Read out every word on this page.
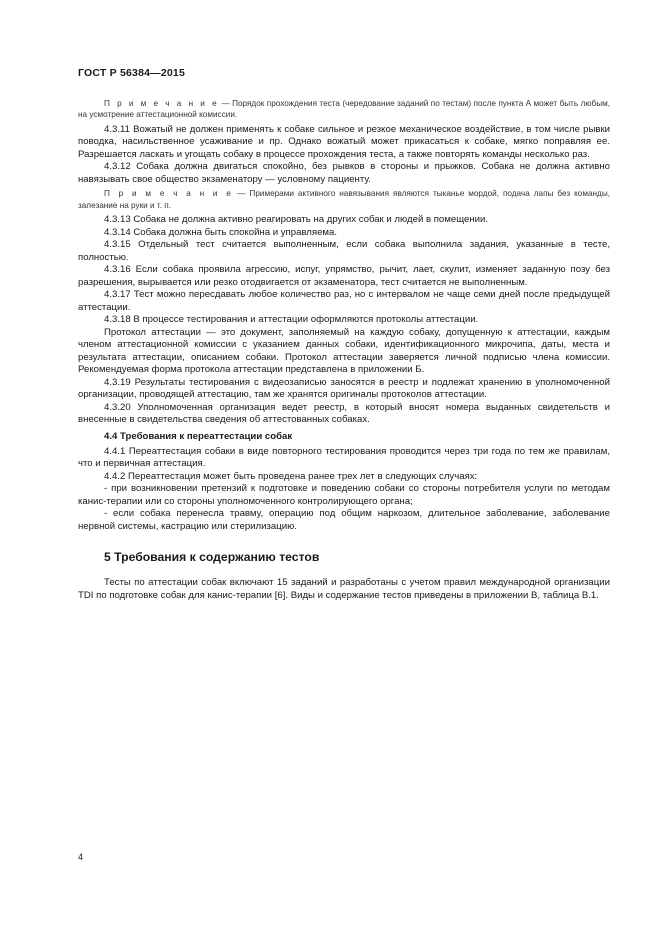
ГОСТ Р 56384—2015

П р и м е ч а н и е — Порядок прохождения теста (чередование заданий по тестам) после пункта А может быть любым, на усмотрение аттестационной комиссии.

4.3.11 Вожатый не должен применять к собаке сильное и резкое механическое воздействие, в том числе рывки поводка, насильственное усаживание и пр. Однако вожатый может прикасаться к собаке, мягко поправляя ее. Разрешается ласкать и угощать собаку в процессе прохождения теста, а также повторять команды несколько раз.

4.3.12 Собака должна двигаться спокойно, без рывков в стороны и прыжков. Собака не должна активно навязывать свое общество экзаменатору — условному пациенту.

П р и м е ч а н и е — Примерами активного навязывания являются тыканье мордой, подача лапы без команды, залезание на руки и т. п.

4.3.13 Собака не должна активно реагировать на других собак и людей в помещении.

4.3.14 Собака должна быть спокойна и управляема.

4.3.15 Отдельный тест считается выполненным, если собака выполнила задания, указанные в тесте, полностью.

4.3.16 Если собака проявила агрессию, испуг, упрямство, рычит, лает, скулит, изменяет заданную позу без разрешения, вырывается или резко отодвигается от экзаменатора, тест считается не выполненным.

4.3.17 Тест можно пересдавать любое количество раз, но с интервалом не чаще семи дней после предыдущей аттестации.

4.3.18 В процессе тестирования и аттестации оформляются протоколы аттестации.

Протокол аттестации — это документ, заполняемый на каждую собаку, допущенную к аттестации, каждым членом аттестационной комиссии с указанием данных собаки, идентификационного микрочипа, даты, места и результата аттестации, описанием собаки. Протокол аттестации заверяется личной подписью члена комиссии. Рекомендуемая форма протокола аттестации представлена в приложении Б.

4.3.19 Результаты тестирования с видеозаписью заносятся в реестр и подлежат хранению в уполномоченной организации, проводящей аттестацию, там же хранятся оригиналы протоколов аттестации.

4.3.20 Уполномоченная организация ведет реестр, в который вносят номера выданных свидетельств и внесенные в свидетельства сведения об аттестованных собаках.

4.4 Требования к переаттестации собак

4.4.1 Переаттестация собаки в виде повторного тестирования проводится через три года по тем же правилам, что и первичная аттестация.

4.4.2 Переаттестация может быть проведена ранее трех лет в следующих случаях:

- при возникновении претензий к подготовке и поведению собаки со стороны потребителя услуги по методам канис-терапии или со стороны уполномоченного контролирующего органа;

- если собака перенесла травму, операцию под общим наркозом, длительное заболевание, заболевание нервной системы, кастрацию или стерилизацию.

5 Требования к содержанию тестов

Тесты по аттестации собак включают 15 заданий и разработаны с учетом правил международной организации TDI по подготовке собак для канис-терапии [6]. Виды и содержание тестов приведены в приложении В, таблица В.1.

4
